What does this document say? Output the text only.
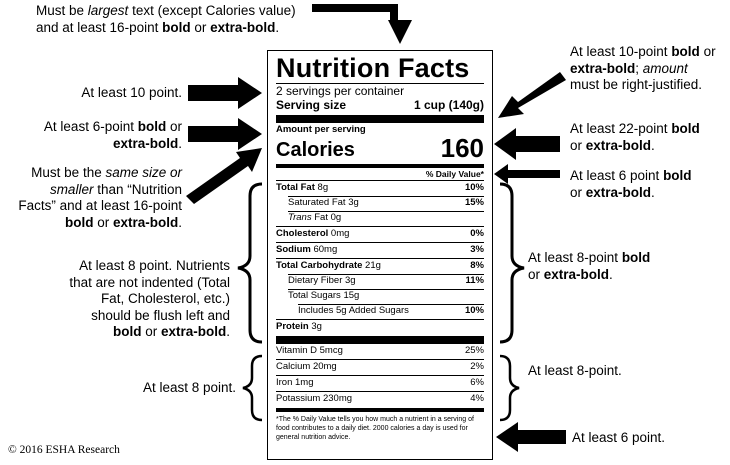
Must be largest text (except Calories value)
and at least 16-point bold or extra-bold.
At least 10 point.
At least 6-point bold or
extra-bold.
Must be the same size or
smaller than “Nutrition
Facts” and at least 16-point
bold or extra-bold.
At least 8 point. Nutrients
that are not indented (Total
Fat, Cholesterol, etc.)
should be flush left and
bold or extra-bold.
At least 8 point.
At least 10-point bold or
extra-bold; amount
must be right-justified.
At least 22-point bold
or extra-bold.
At least 6 point bold
or extra-bold.
At least 8-point bold
or extra-bold.
At least 8-point.
At least 6 point.
Nutrition Facts
2 servings per container
Serving size	1 cup (140g)
Amount per serving
Calories	160
% Daily Value*
Total Fat 8g	10%
Saturated Fat 3g	15%
Trans Fat 0g
Cholesterol 0mg	0%
Sodium 60mg	3%
Total Carbohydrate 21g	8%
Dietary Fiber 3g	11%
Total Sugars 15g
Includes 5g Added Sugars	10%
Protein 3g
Vitamin D 5mcg	25%
Calcium 20mg	2%
Iron 1mg	6%
Potassium 230mg	4%
*The % Daily Value tells you how much a nutrient in a serving of food contributes to a daily diet. 2000 calories a day is used for general nutrition advice.
© 2016 ESHA Research
